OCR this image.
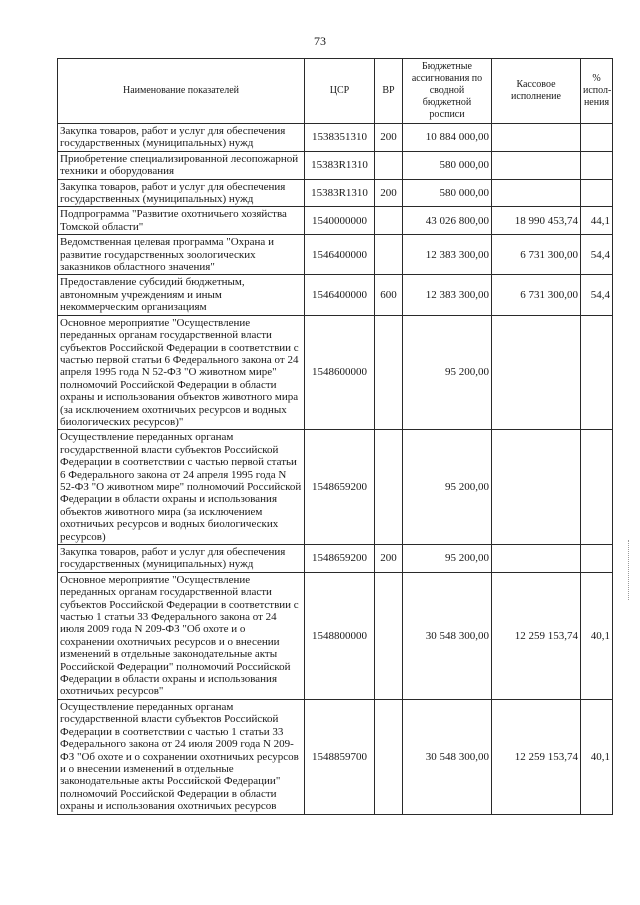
73
Наименование показателей	ЦСР	ВР	Бюджетные ассигнования по сводной бюджетной росписи	Кассовое исполнение	% испол-нения
Закупка товаров, работ и услуг для обеспечения государственных (муниципальных) нужд	1538351310	200	10 884 000,00		
Приобретение специализированной лесопожарной техники и оборудования	15383R1310		580 000,00		
Закупка товаров, работ и услуг для обеспечения государственных (муниципальных) нужд	15383R1310	200	580 000,00		
Подпрограмма "Развитие охотничьего хозяйства Томской области"	1540000000		43 026 800,00	18 990 453,74	44,1
Ведомственная целевая программа "Охрана и развитие государственных зоологических заказников областного значения"	1546400000		12 383 300,00	6 731 300,00	54,4
Предоставление субсидий бюджетным, автономным учреждениям и иным некоммерческим организациям	1546400000	600	12 383 300,00	6 731 300,00	54,4
Основное мероприятие "Осуществление переданных органам государственной власти субъектов Российской Федерации в соответствии с частью первой статьи 6 Федерального закона от 24 апреля 1995 года N 52-ФЗ "О животном мире" полномочий Российской Федерации в области охраны и использования объектов животного мира (за исключением охотничьих ресурсов и водных биологических ресурсов)"	1548600000		95 200,00		
Осуществление переданных органам государственной власти субъектов Российской Федерации в соответствии с частью первой статьи 6 Федерального закона от 24 апреля 1995 года N 52-ФЗ "О животном мире" полномочий Российской Федерации в области охраны и использования объектов животного мира (за исключением охотничьих ресурсов и водных биологических ресурсов)	1548659200		95 200,00		
Закупка товаров, работ и услуг для обеспечения государственных (муниципальных) нужд	1548659200	200	95 200,00		
Основное мероприятие "Осуществление переданных органам государственной власти субъектов Российской Федерации в соответствии с частью 1 статьи 33 Федерального закона от 24 июля 2009 года N 209-ФЗ "Об охоте и о сохранении охотничьих ресурсов и о внесении изменений в отдельные законодательные акты Российской Федерации" полномочий Российской Федерации в области охраны и использования охотничьих ресурсов"	1548800000		30 548 300,00	12 259 153,74	40,1
Осуществление переданных органам государственной власти субъектов Российской Федерации в соответствии с частью 1 статьи 33 Федерального закона от 24 июля 2009 года N 209-ФЗ "Об охоте и о сохранении охотничьих ресурсов и о внесении изменений в отдельные законодательные акты Российской Федерации" полномочий Российской Федерации в области охраны и использования охотничьих ресурсов	1548859700		30 548 300,00	12 259 153,74	40,1
